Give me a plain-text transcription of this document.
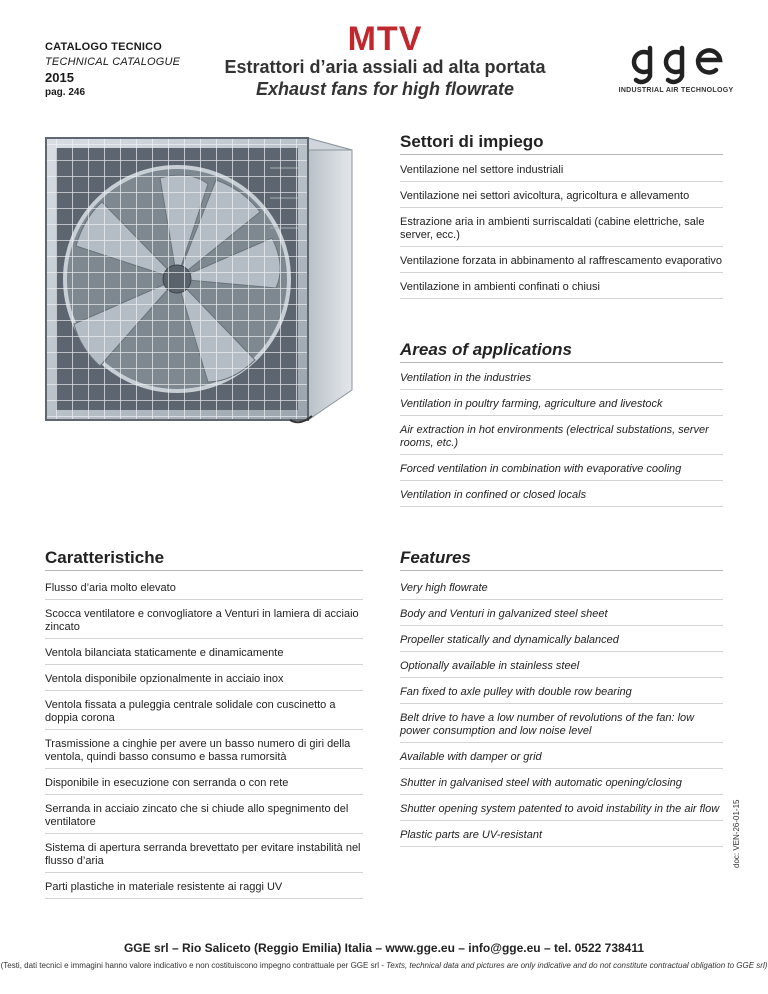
CATALOGO TECNICO
TECHNICAL CATALOGUE
2015
pag. 246
MTV
Estrattori d’aria assiali ad alta portata
Exhaust fans for high flowrate	INDUSTRIAL AIR TECHNOLOGY
Settori di impiego
Ventilazione nel settore industriali
Ventilazione nei settori avicoltura, agricoltura e allevamento
Estrazione aria in ambienti surriscaldati (cabine elettriche, sale server, ecc.)
Ventilazione forzata in abbinamento al raffrescamento evaporativo
Ventilazione in ambienti confinati o chiusi
Areas of applications
Ventilation in the industries
Ventilation in poultry farming, agriculture and livestock
Air extraction in hot environments (electrical substations, server rooms, etc.)
Forced ventilation in combination with evaporative cooling
Ventilation in confined or closed locals
Caratteristiche
Flusso d’aria molto elevato
Scocca ventilatore e convogliatore a Venturi in lamiera di acciaio zincato
Ventola bilanciata staticamente e dinamicamente
Ventola disponibile opzionalmente in acciaio inox
Ventola fissata a puleggia centrale solidale con cuscinetto a doppia corona
Trasmissione a cinghie per avere un basso numero di giri della ventola, quindi basso consumo e bassa rumorsità
Disponibile in esecuzione con serranda o con rete
Serranda in acciaio zincato che si chiude allo spegnimento del ventilatore
Sistema di apertura serranda brevettato per evitare instabilità nel flusso d’aria
Parti plastiche in materiale resistente ai raggi UV
Features
Very high flowrate
Body and Venturi in galvanized steel sheet
Propeller statically and dynamically balanced
Optionally available in stainless steel
Fan fixed to axle pulley with double row bearing
Belt drive to have a low number of revolutions of the fan: low power consumption and low noise level
Available with damper or grid
Shutter in galvanised steel with automatic opening/closing
Shutter opening system patented to avoid instability in the air flow
Plastic parts are UV-resistant	doc: VEN-26-01-15
GGE srl – Rio Saliceto (Reggio Emilia) Italia – www.gge.eu – info@gge.eu – tel. 0522 738411
(Testi, dati tecnici e immagini hanno valore indicativo e non costituiscono impegno contrattuale per GGE srl - Texts, technical data and pictures are only indicative and do not constitute contractual obligation to GGE srl)
